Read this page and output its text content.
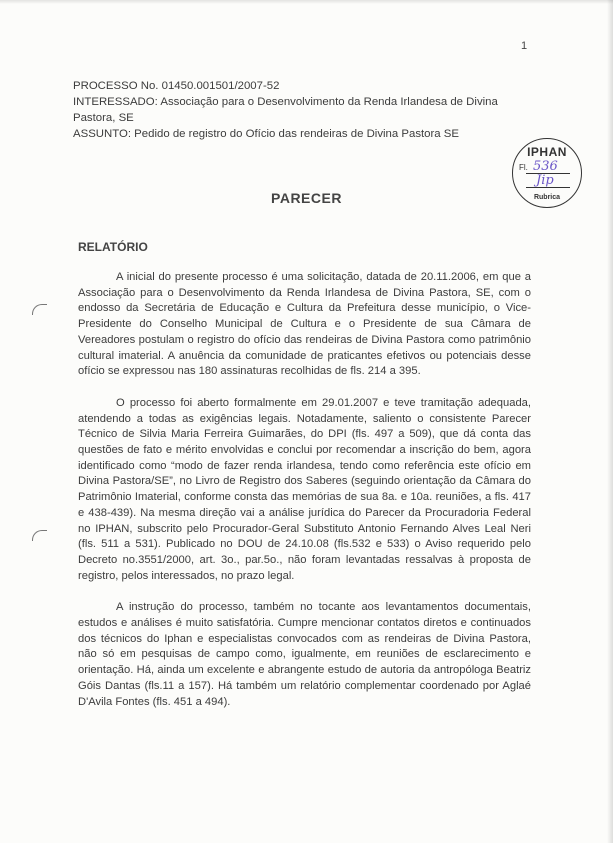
1
PROCESSO No. 01450.001501/2007-52
INTERESSADO: Associação para o Desenvolvimento da Renda Irlandesa de Divina
Pastora, SE
ASSUNTO: Pedido de registro do Ofício das rendeiras de Divina Pastora SE
IPHAN
Fl. 536
Jip
Rubrica
PARECER
RELATÓRIO

A inicial do presente processo é uma solicitação, datada de 20.11.2006, em que a Associação para o Desenvolvimento da Renda Irlandesa de Divina Pastora, SE, com o endosso da Secretária de Educação e Cultura da Prefeitura desse município, o Vice-Presidente do Conselho Municipal de Cultura e o Presidente de sua Câmara de Vereadores postulam o registro do ofício das rendeiras de Divina Pastora como patrimônio cultural imaterial. A anuência da comunidade de praticantes efetivos ou potenciais desse ofício se expressou nas 180 assinaturas recolhidas de fls. 214 a 395.

O processo foi aberto formalmente em 29.01.2007 e teve tramitação adequada, atendendo a todas as exigências legais. Notadamente, saliento o consistente Parecer Técnico de Silvia Maria Ferreira Guimarães, do DPI (fls. 497 a 509), que dá conta das questões de fato e mérito envolvidas e conclui por recomendar a inscrição do bem, agora identificado como “modo de fazer renda irlandesa, tendo como referência este ofício em Divina Pastora/SE”, no Livro de Registro dos Saberes (seguindo orientação da Câmara do Patrimônio Imaterial, conforme consta das memórias de sua 8a. e 10a. reuniões, a fls. 417 e 438-439). Na mesma direção vai a análise jurídica do Parecer da Procuradoria Federal no IPHAN, subscrito pelo Procurador-Geral Substituto Antonio Fernando Alves Leal Neri (fls. 511 a 531). Publicado no DOU de 24.10.08 (fls.532 e 533) o Aviso requerido pelo Decreto no.3551/2000, art. 3o., par.5o., não foram levantadas ressalvas à proposta de registro, pelos interessados, no prazo legal.

A instrução do processo, também no tocante aos levantamentos documentais, estudos e análises é muito satisfatória. Cumpre mencionar contatos diretos e continuados dos técnicos do Iphan e especialistas convocados com as rendeiras de Divina Pastora, não só em pesquisas de campo como, igualmente, em reuniões de esclarecimento e orientação. Há, ainda um excelente e abrangente estudo de autoria da antropóloga Beatriz Góis Dantas (fls.11 a 157). Há também um relatório complementar coordenado por Aglaé D'Avila Fontes (fls. 451 a 494).
